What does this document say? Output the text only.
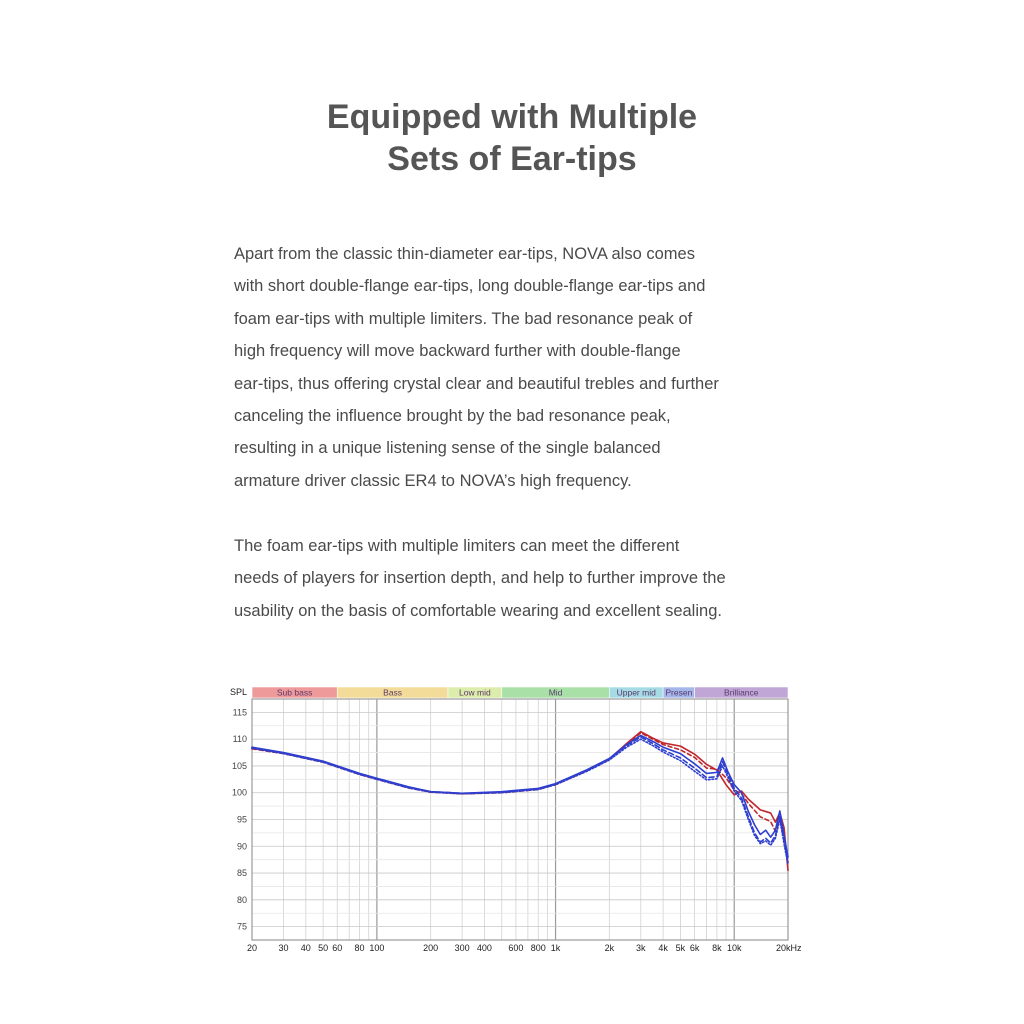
Equipped with Multiple
Sets of Ear-tips
Apart from the classic thin-diameter ear-tips, NOVA also comes
with short double-flange ear-tips, long double-flange ear-tips and
foam ear-tips with multiple limiters. The bad resonance peak of
high frequency will move backward further with double-flange
ear-tips, thus offering crystal clear and beautiful trebles and further
canceling the influence brought by the bad resonance peak,
resulting in a unique listening sense of the single balanced
armature driver classic ER4 to NOVA’s high frequency.
The foam ear-tips with multiple limiters can meet the different
needs of players for insertion depth, and help to further improve the
usability on the basis of comfortable wearing and excellent sealing.
Sub bass	Bass	Low mid	Mid	Upper mid Presen	Brilliance
SPL
115
110
105
100
95
90
85
80
75
20 30 40 50 60 80 100	200 300 400 600 800 1k	2k 3k 4k 5k 6k 8k 10k	20kHz
